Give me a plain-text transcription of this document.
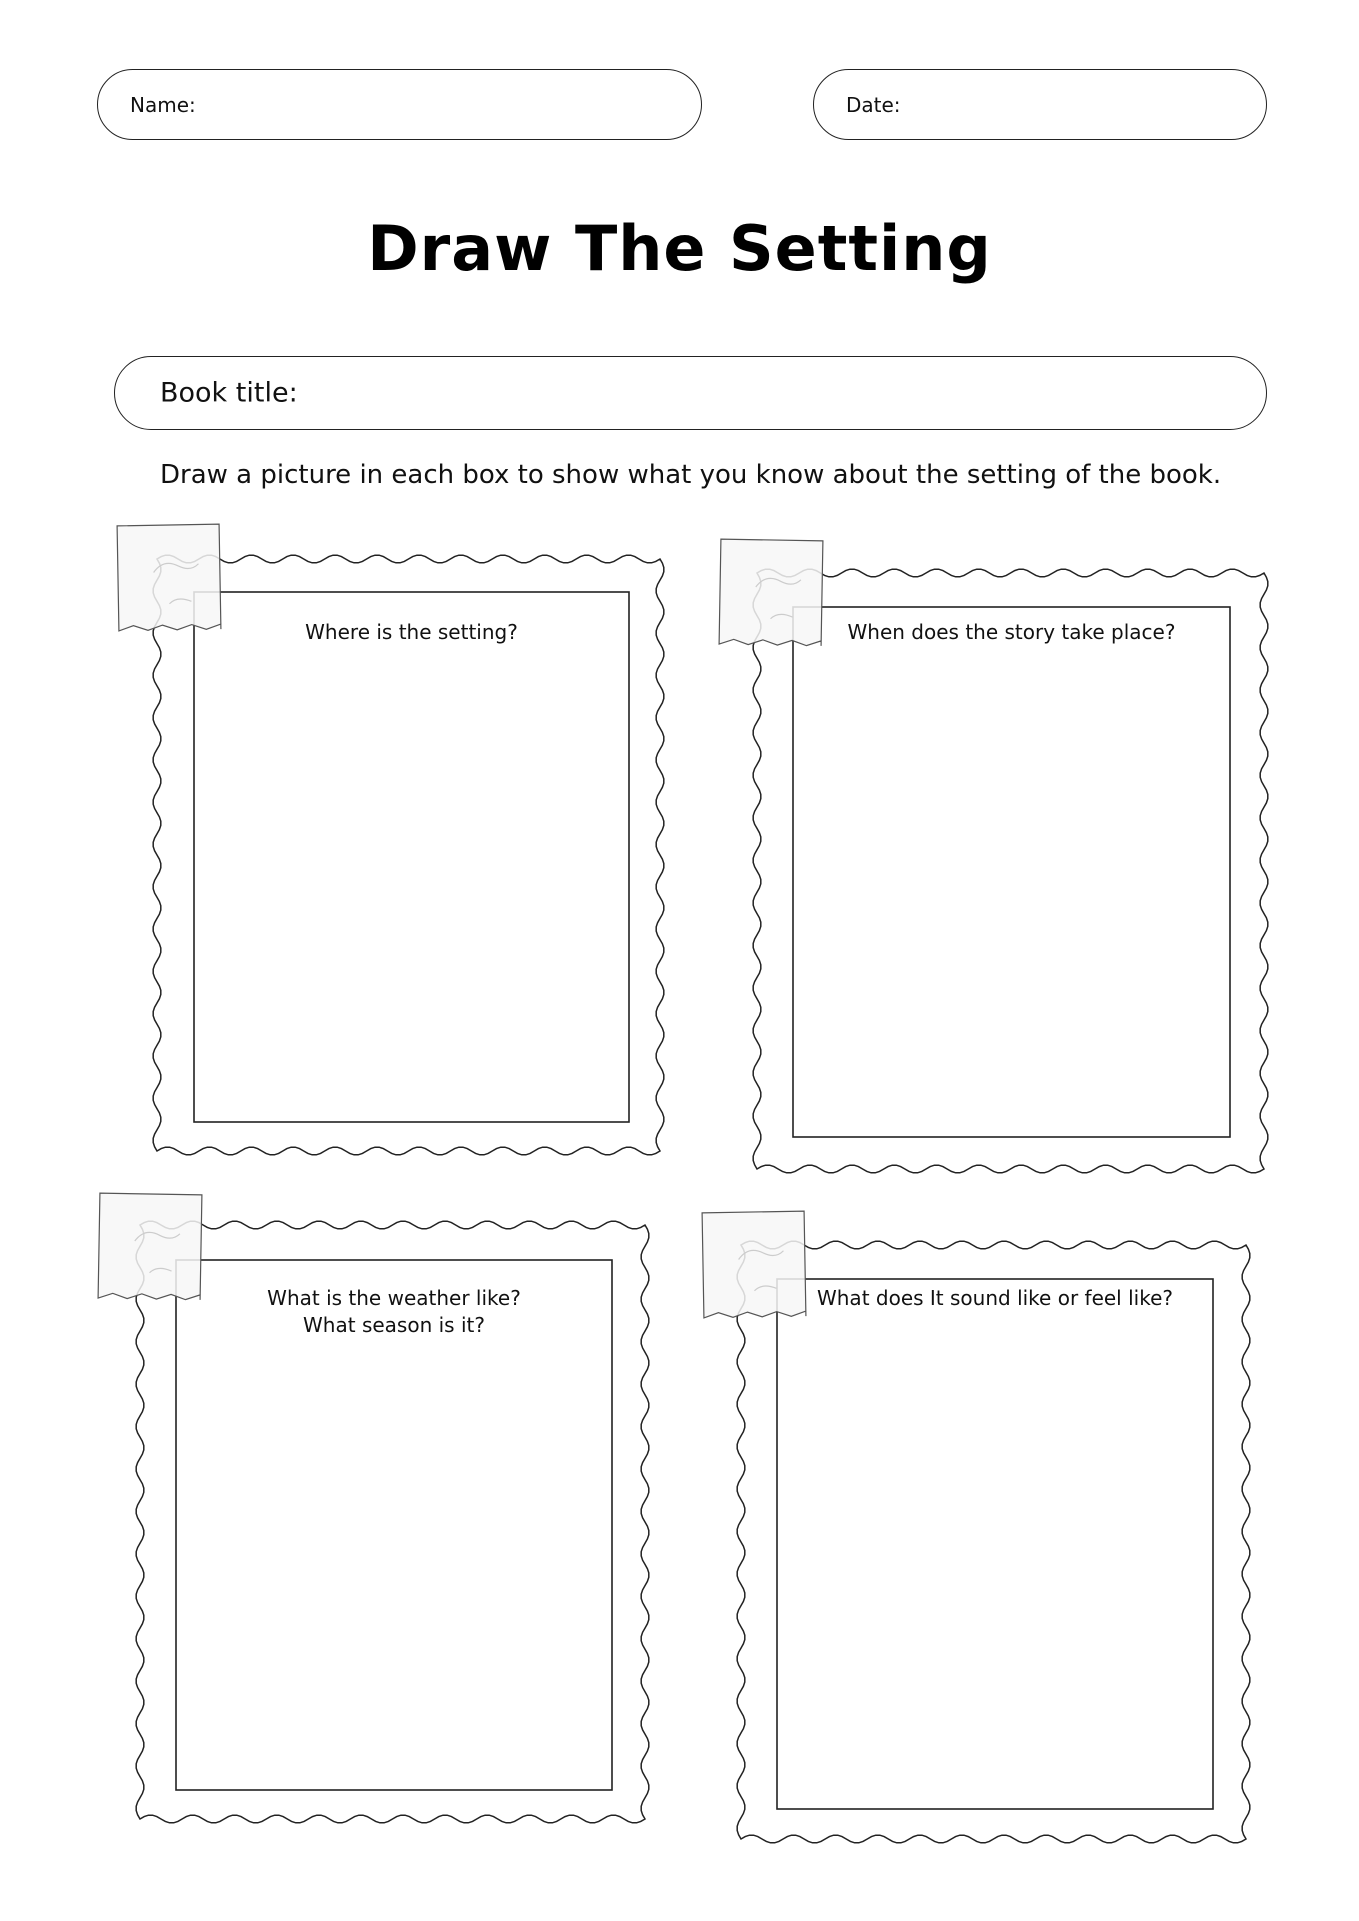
Name:	Date:
Draw The Setting
Book title:
Draw a picture in each box to show what you know about the setting of the book.
Where is the setting?	When does the story take place?
What is the weather like?
What season is it?
What does It sound like or feel like?
